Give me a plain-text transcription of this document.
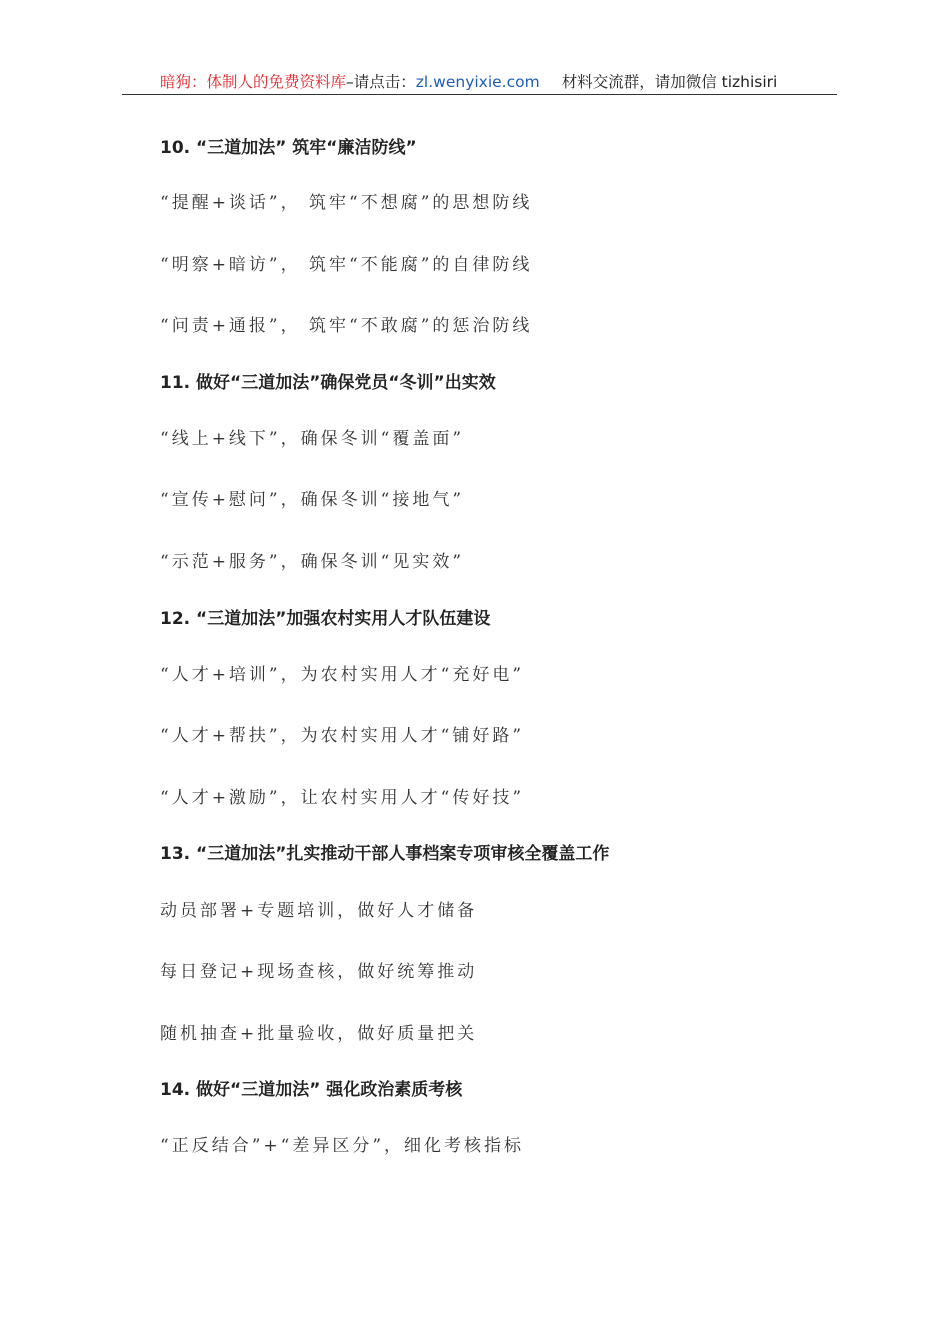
暗狗：体制人的免费资料库–请点击：zl.wenyixie.com 材料交流群，请加微信 tizhisiri
10. “三道加法” 筑牢“廉洁防线”
“提醒+谈话”， 筑牢“不想腐”的思想防线
“明察+暗访”， 筑牢“不能腐”的自律防线
“问责+通报”， 筑牢“不敢腐”的惩治防线
11. 做好“三道加法”确保党员“冬训”出实效
“线上+线下”，确保冬训“覆盖面”
“宣传+慰问”，确保冬训“接地气”
“示范+服务”，确保冬训“见实效”
12. “三道加法”加强农村实用人才队伍建设
“人才+培训”，为农村实用人才“充好电”
“人才+帮扶”，为农村实用人才“铺好路”
“人才+激励”，让农村实用人才“传好技”
13. “三道加法”扎实推动干部人事档案专项审核全覆盖工作
动员部署+专题培训，做好人才储备
每日登记+现场查核，做好统筹推动
随机抽查+批量验收，做好质量把关
14. 做好“三道加法” 强化政治素质考核
“正反结合”+“差异区分”，细化考核指标
